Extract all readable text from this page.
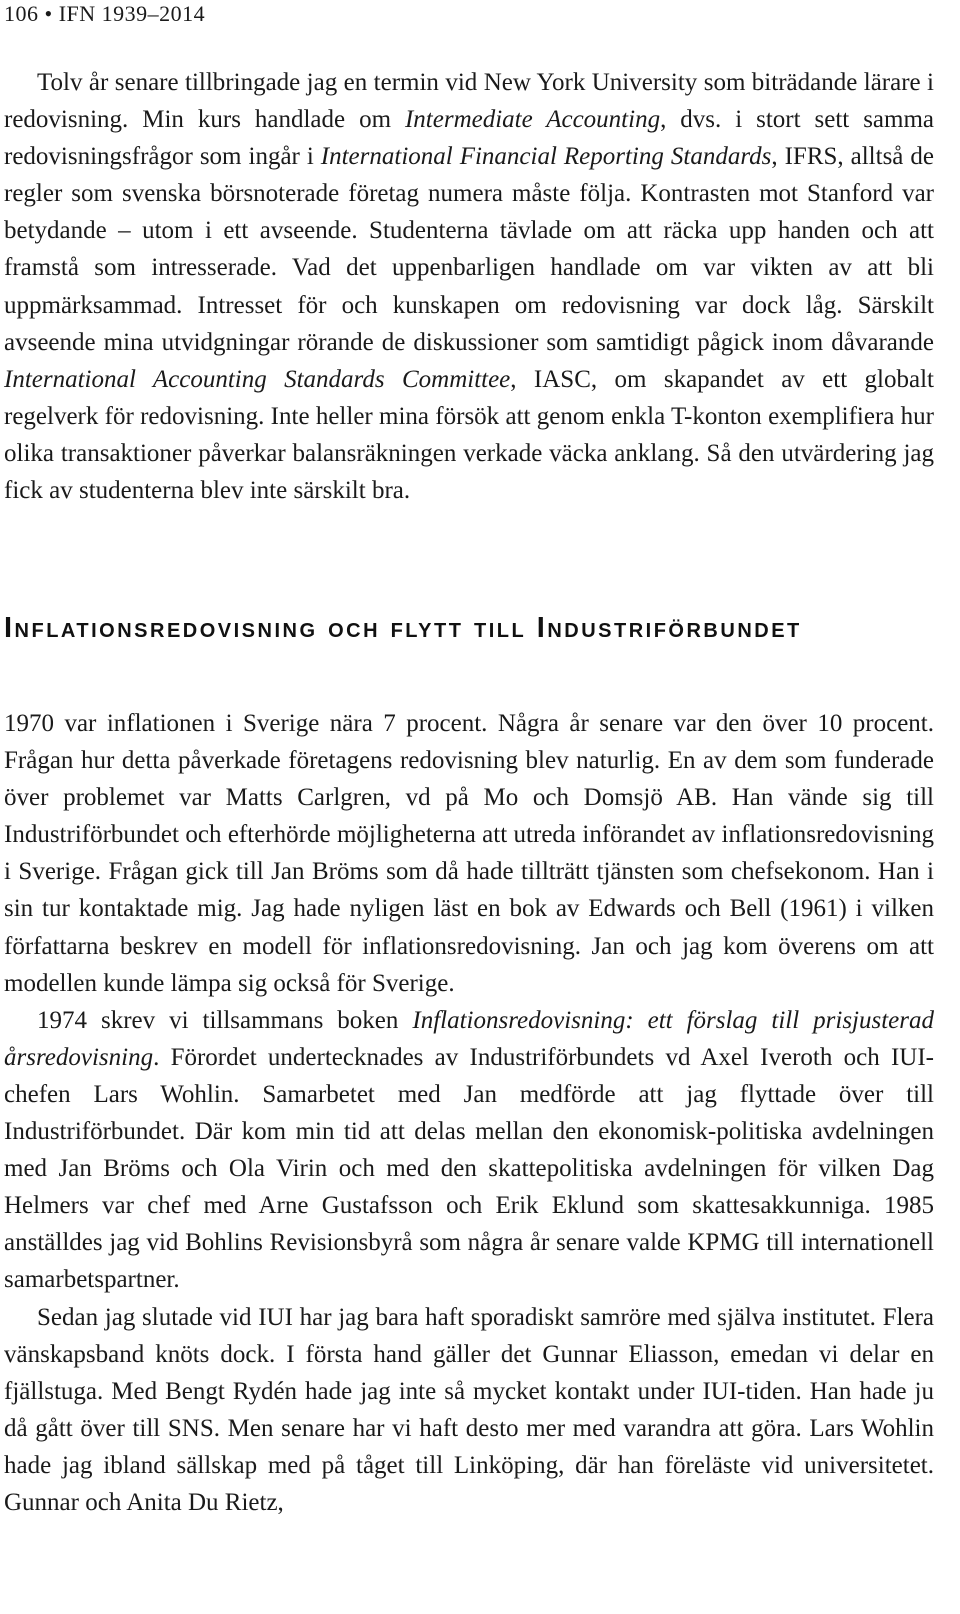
106 • IFN 1939–2014

Tolv år senare tillbringade jag en termin vid New York University som biträdande lärare i redovisning. Min kurs handlade om Intermediate Accounting, dvs. i stort sett samma redovisningsfrågor som ingår i International Financial Reporting Standards, IFRS, alltså de regler som svenska börsnoterade företag numera måste följa. Kontrasten mot Stanford var betydande – utom i ett avseende. Studenterna tävlade om att räcka upp handen och att framstå som intresserade. Vad det uppenbarligen handlade om var vikten av att bli uppmärksammad. Intresset för och kunskapen om redovisning var dock låg. Särskilt avseende mina utvidgningar rörande de diskussioner som samtidigt pågick inom dåvarande International Accounting Standards Committee, IASC, om skapandet av ett globalt regelverk för redovisning. Inte heller mina försök att genom enkla T-konton exemplifiera hur olika transaktioner påverkar balansräkningen verkade väcka anklang. Så den utvärdering jag fick av studenterna blev inte särskilt bra.

Inflationsredovisning och flytt till Industriförbundet

1970 var inflationen i Sverige nära 7 procent. Några år senare var den över 10 procent. Frågan hur detta påverkade företagens redovisning blev naturlig. En av dem som funderade över problemet var Matts Carlgren, vd på Mo och Domsjö AB. Han vände sig till Industriförbundet och efterhörde möjligheterna att utreda införandet av inflationsredovisning i Sverige. Frågan gick till Jan Bröms som då hade tillträtt tjänsten som chefsekonom. Han i sin tur kontaktade mig. Jag hade nyligen läst en bok av Edwards och Bell (1961) i vilken författarna beskrev en modell för inflationsredovisning. Jan och jag kom överens om att modellen kunde lämpa sig också för Sverige.

1974 skrev vi tillsammans boken Inflationsredovisning: ett förslag till prisjusterad årsredovisning. Förordet undertecknades av Industriförbundets vd Axel Iveroth och IUI-chefen Lars Wohlin. Samarbetet med Jan medförde att jag flyttade över till Industriförbundet. Där kom min tid att delas mellan den ekonomisk-politiska avdelningen med Jan Bröms och Ola Virin och med den skattepolitiska avdelningen för vilken Dag Helmers var chef med Arne Gustafsson och Erik Eklund som skattesakkunniga. 1985 anställdes jag vid Bohlins Revisionsbyrå som några år senare valde KPMG till internationell samarbetspartner.

Sedan jag slutade vid IUI har jag bara haft sporadiskt samröre med själva institutet. Flera vänskapsband knöts dock. I första hand gäller det Gunnar Eliasson, emedan vi delar en fjällstuga. Med Bengt Rydén hade jag inte så mycket kontakt under IUI-tiden. Han hade ju då gått över till SNS. Men senare har vi haft desto mer med varandra att göra. Lars Wohlin hade jag ibland sällskap med på tåget till Linköping, där han föreläste vid universitetet. Gunnar och Anita Du Rietz,
